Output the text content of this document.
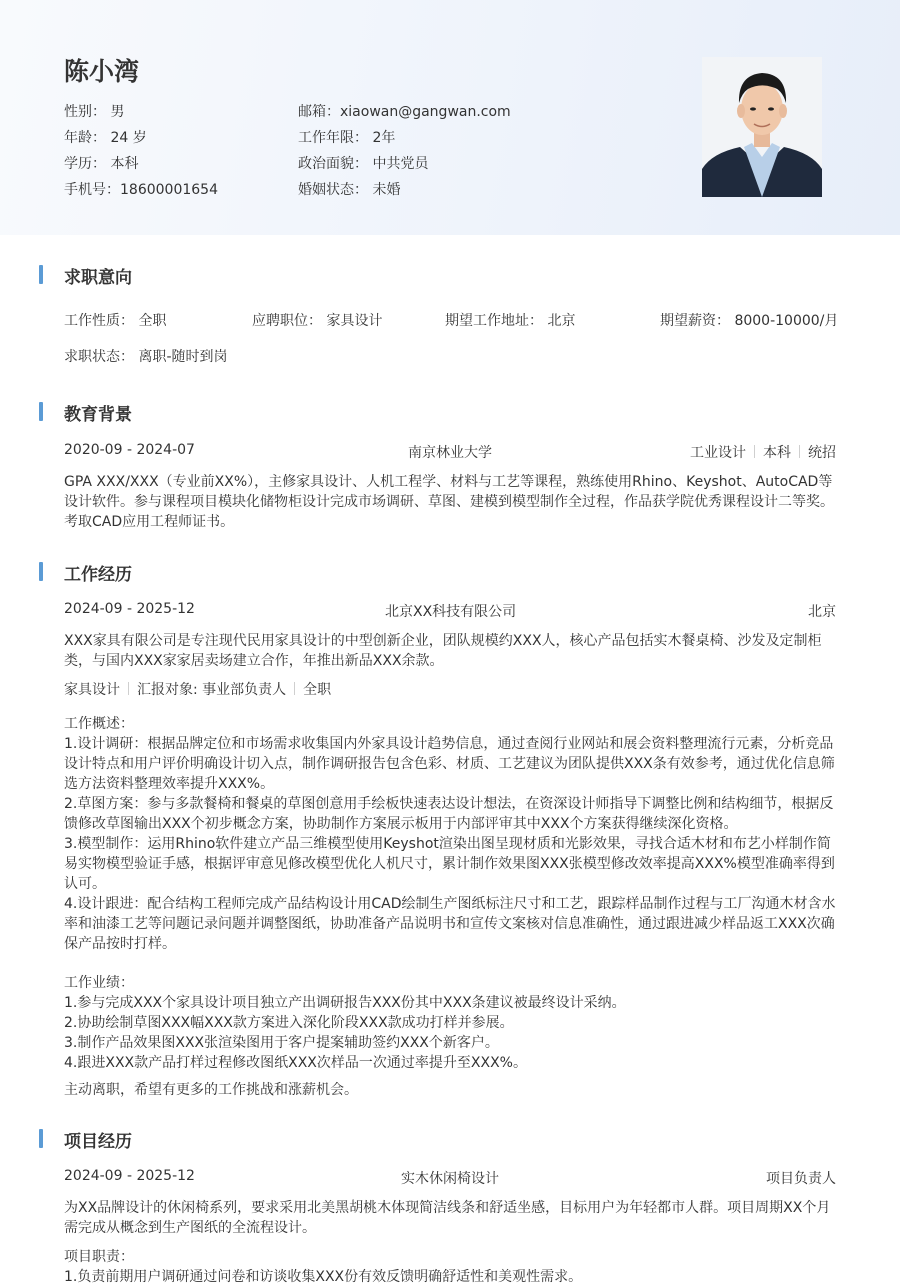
陈小湾
性别： 男
年龄： 24 岁
学历： 本科
手机号：18600001654
邮箱：xiaowan@gangwan.com
工作年限： 2年
政治面貌： 中共党员
婚姻状态： 未婚
求职意向
工作性质： 全职	应聘职位： 家具设计	期望工作地址： 北京	期望薪资： 8000-10000/月
求职状态： 离职-随时到岗
教育背景
2020-09 - 2024-07	南京林业大学	工业设计 本科 统招
GPA XXX/XXX（专业前XX%），主修家具设计、人机工程学、材料与工艺等课程，熟练使用Rhino、Keyshot、AutoCAD等设计软件。参与课程项目模块化储物柜设计完成市场调研、草图、建模到模型制作全过程，作品获学院优秀课程设计二等奖。考取CAD应用工程师证书。
工作经历
2024-09 - 2025-12	北京XX科技有限公司	北京
XXX家具有限公司是专注现代民用家具设计的中型创新企业，团队规模约XXX人，核心产品包括实木餐桌椅、沙发及定制柜类，与国内XXX家家居卖场建立合作，年推出新品XXX余款。
家具设计 汇报对象: 事业部负责人 全职
工作概述：
1.设计调研：根据品牌定位和市场需求收集国内外家具设计趋势信息，通过查阅行业网站和展会资料整理流行元素，分析竞品设计特点和用户评价明确设计切入点，制作调研报告包含色彩、材质、工艺建议为团队提供XXX条有效参考，通过优化信息筛选方法资料整理效率提升XXX%。
2.草图方案：参与多款餐椅和餐桌的草图创意用手绘板快速表达设计想法，在资深设计师指导下调整比例和结构细节，根据反馈修改草图输出XXX个初步概念方案，协助制作方案展示板用于内部评审其中XXX个方案获得继续深化资格。
3.模型制作：运用Rhino软件建立产品三维模型使用Keyshot渲染出图呈现材质和光影效果，寻找合适木材和布艺小样制作简易实物模型验证手感，根据评审意见修改模型优化人机尺寸，累计制作效果图XXX张模型修改效率提高XXX%模型准确率得到认可。
4.设计跟进：配合结构工程师完成产品结构设计用CAD绘制生产图纸标注尺寸和工艺，跟踪样品制作过程与工厂沟通木材含水率和油漆工艺等问题记录问题并调整图纸，协助准备产品说明书和宣传文案核对信息准确性，通过跟进减少样品返工XXX次确保产品按时打样。
工作业绩：
1.参与完成XXX个家具设计项目独立产出调研报告XXX份其中XXX条建议被最终设计采纳。
2.协助绘制草图XXX幅XXX款方案进入深化阶段XXX款成功打样并参展。
3.制作产品效果图XXX张渲染图用于客户提案辅助签约XXX个新客户。
4.跟进XXX款产品打样过程修改图纸XXX次样品一次通过率提升至XXX%。
主动离职，希望有更多的工作挑战和涨薪机会。
项目经历
2024-09 - 2025-12	实木休闲椅设计	项目负责人
为XX品牌设计的休闲椅系列，要求采用北美黑胡桃木体现简洁线条和舒适坐感，目标用户为年轻都市人群。项目周期XX个月需完成从概念到生产图纸的全流程设计。
项目职责：
1.负责前期用户调研通过问卷和访谈收集XXX份有效反馈明确舒适性和美观性需求。
